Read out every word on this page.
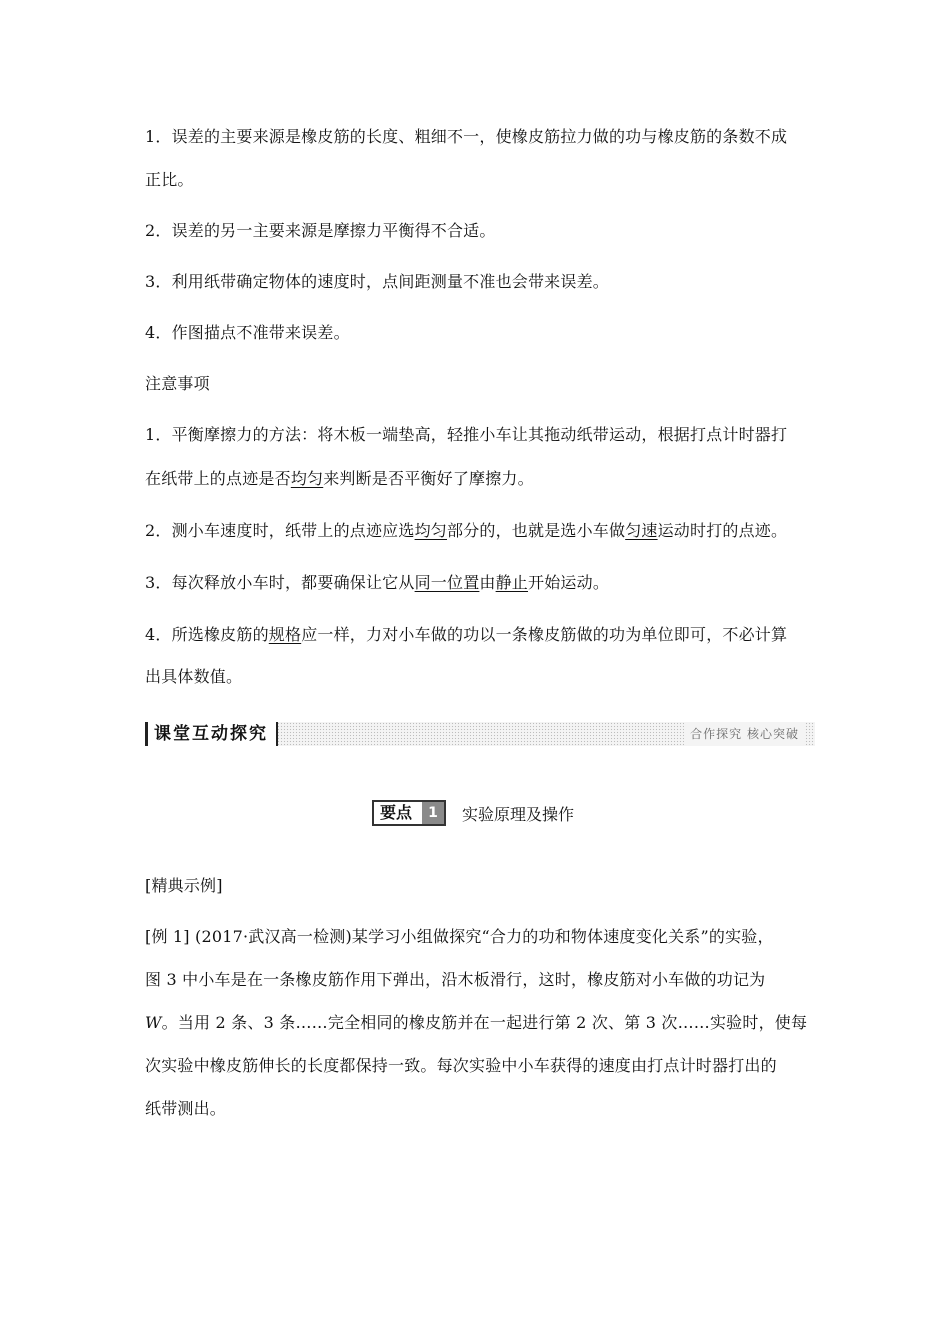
1．误差的主要来源是橡皮筋的长度、粗细不一，使橡皮筋拉力做的功与橡皮筋的条数不成
正比。
2．误差的另一主要来源是摩擦力平衡得不合适。
3．利用纸带确定物体的速度时，点间距测量不准也会带来误差。
4．作图描点不准带来误差。
注意事项
1．平衡摩擦力的方法：将木板一端垫高，轻推小车让其拖动纸带运动，根据打点计时器打
在纸带上的点迹是否均匀来判断是否平衡好了摩擦力。
2．测小车速度时，纸带上的点迹应选均匀部分的，也就是选小车做匀速运动时打的点迹。
3．每次释放小车时，都要确保让它从同一位置由静止开始运动。
4．所选橡皮筋的规格应一样，力对小车做的功以一条橡皮筋做的功为单位即可，不必计算
出具体数值。
课堂互动探究	合作探究 核心突破
要点	1	实验原理及操作
[精典示例]
[例 1] (2017·武汉高一检测)某学习小组做探究“合力的功和物体速度变化关系”的实验，
图 3 中小车是在一条橡皮筋作用下弹出，沿木板滑行，这时，橡皮筋对小车做的功记为
W。当用 2 条、3 条……完全相同的橡皮筋并在一起进行第 2 次、第 3 次……实验时，使每
次实验中橡皮筋伸长的长度都保持一致。每次实验中小车获得的速度由打点计时器打出的
纸带测出。
